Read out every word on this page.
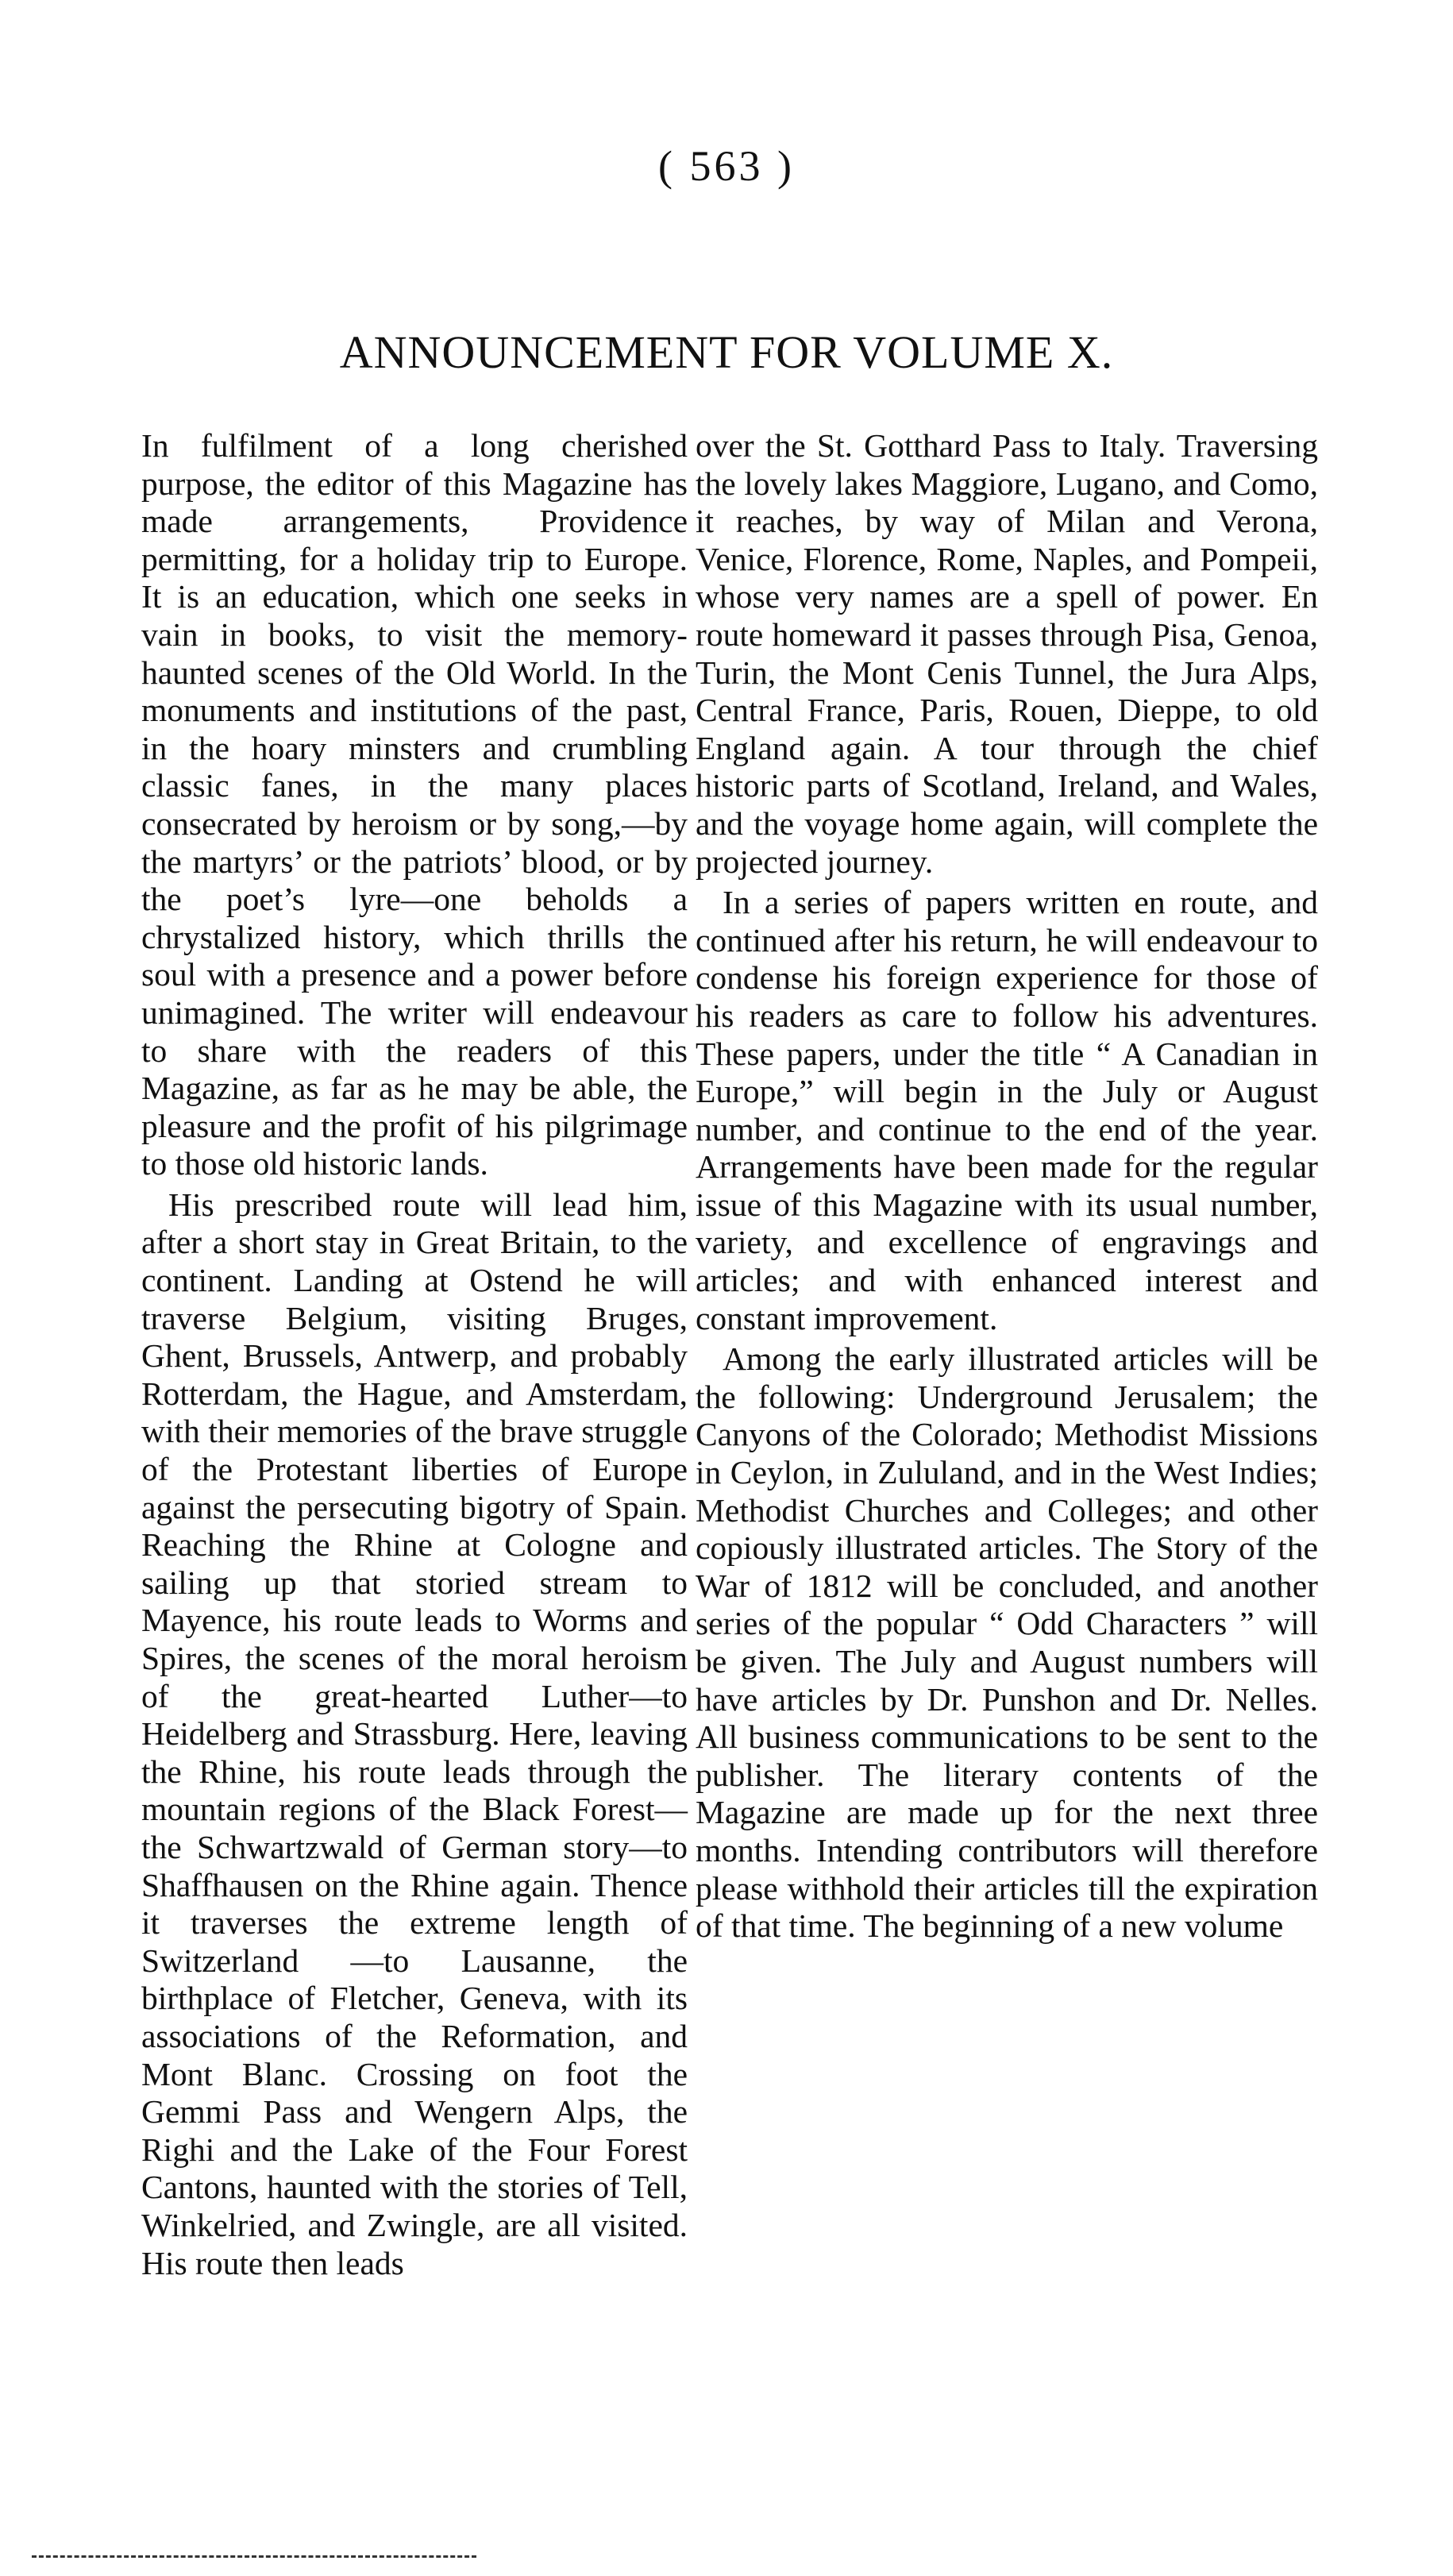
( 563 )
ANNOUNCEMENT FOR VOLUME X.

In fulfilment of a long cherished purpose, the editor of this Magazine has made arrangements, Providence permitting, for a holiday trip to Europe. It is an education, which one seeks in vain in books, to visit the memory-haunted scenes of the Old World. In the monuments and institutions of the past, in the hoary minsters and crumbling classic fanes, in the many places consecrated by heroism or by song,—by the martyrs’ or the patriots’ blood, or by the poet’s lyre—one beholds a chrystalized history, which thrills the soul with a presence and a power before unimagined. The writer will endeavour to share with the readers of this Magazine, as far as he may be able, the pleasure and the profit of his pilgrimage to those old historic lands.

His prescribed route will lead him, after a short stay in Great Britain, to the continent. Landing at Ostend he will traverse Belgium, visiting Bruges, Ghent, Brussels, Antwerp, and probably Rotterdam, the Hague, and Amsterdam, with their memories of the brave struggle of the Protestant liberties of Europe against the persecuting bigotry of Spain. Reaching the Rhine at Cologne and sailing up that storied stream to Mayence, his route leads to Worms and Spires, the scenes of the moral heroism of the great-hearted Luther—to Heidelberg and Strassburg. Here, leaving the Rhine, his route leads through the mountain regions of the Black Forest—the Schwartzwald of German story—to Shaffhausen on the Rhine again. Thence it traverses the extreme length of Switzerland —to Lausanne, the birthplace of Fletcher, Geneva, with its associations of the Reformation, and Mont Blanc. Crossing on foot the Gemmi Pass and Wengern Alps, the Righi and the Lake of the Four Forest Cantons, haunted with the stories of Tell, Winkelried, and Zwingle, are all visited. His route then leads

over the St. Gotthard Pass to Italy. Traversing the lovely lakes Maggiore, Lugano, and Como, it reaches, by way of Milan and Verona, Venice, Florence, Rome, Naples, and Pompeii, whose very names are a spell of power. En route homeward it passes through Pisa, Genoa, Turin, the Mont Cenis Tunnel, the Jura Alps, Central France, Paris, Rouen, Dieppe, to old England again. A tour through the chief historic parts of Scotland, Ireland, and Wales, and the voyage home again, will complete the projected journey.

In a series of papers written en route, and continued after his return, he will endeavour to condense his foreign experience for those of his readers as care to follow his adventures. These papers, under the title “ A Canadian in Europe,” will begin in the July or August number, and continue to the end of the year. Arrangements have been made for the regular issue of this Magazine with its usual number, variety, and excellence of engravings and articles; and with enhanced interest and constant improvement.

Among the early illustrated articles will be the following: Underground Jerusalem; the Canyons of the Colorado; Methodist Missions in Ceylon, in Zululand, and in the West Indies; Methodist Churches and Colleges; and other copiously illustrated articles. The Story of the War of 1812 will be concluded, and another series of the popular “ Odd Characters ” will be given. The July and August numbers will have articles by Dr. Punshon and Dr. Nelles. All business communications to be sent to the publisher. The literary contents of the Magazine are made up for the next three months. Intending contributors will therefore please withhold their articles till the expiration of that time. The beginning of a new volume
